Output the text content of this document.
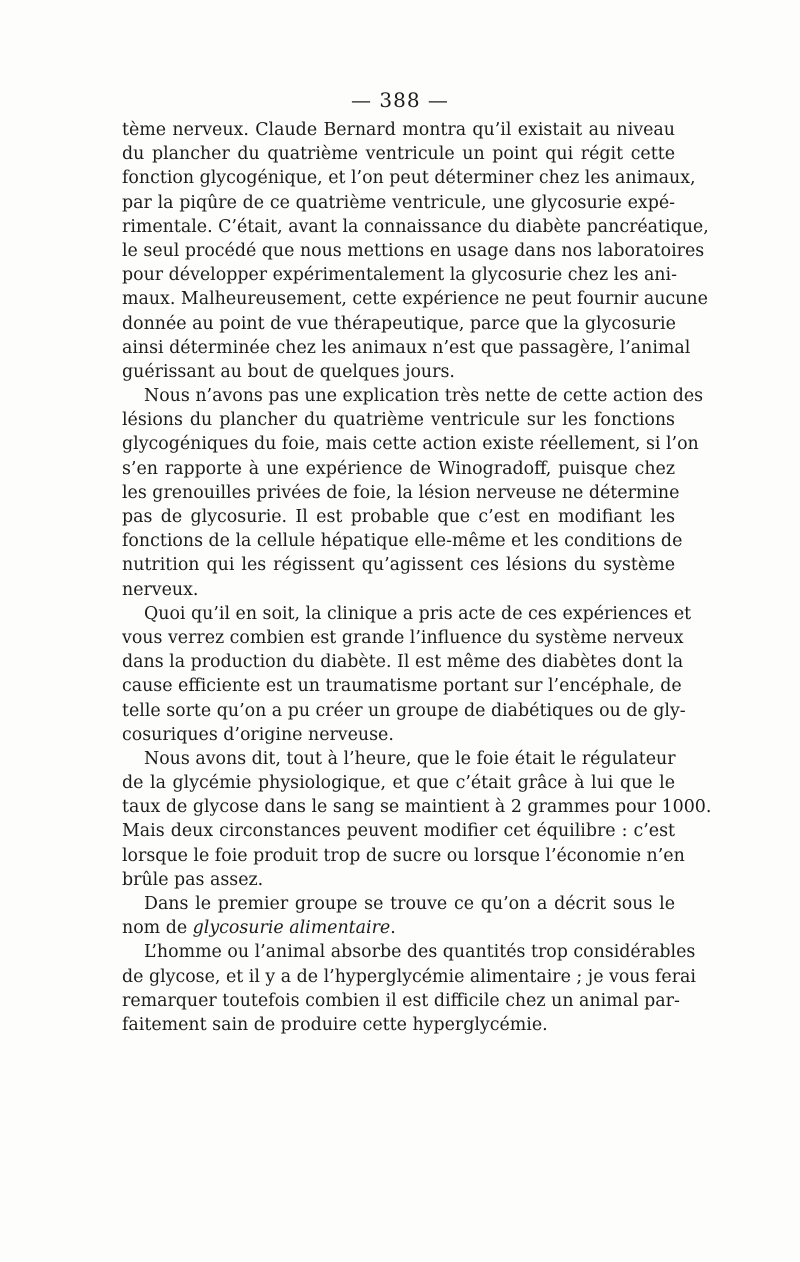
— 388 —
tème nerveux. Claude Bernard montra qu’il existait au niveau
du plancher du quatrième ventricule un point qui régit cette
fonction glycogénique, et l’on peut déterminer chez les animaux,
par la piqûre de ce quatrième ventricule, une glycosurie expé-
rimentale. C’était, avant la connaissance du diabète pancréatique,
le seul procédé que nous mettions en usage dans nos laboratoires
pour développer expérimentalement la glycosurie chez les ani-
maux. Malheureusement, cette expérience ne peut fournir aucune
donnée au point de vue thérapeutique, parce que la glycosurie
ainsi déterminée chez les animaux n’est que passagère, l’animal
guérissant au bout de quelques jours.
Nous n’avons pas une explication très nette de cette action des
lésions du plancher du quatrième ventricule sur les fonctions
glycogéniques du foie, mais cette action existe réellement, si l’on
s’en rapporte à une expérience de Winogradoff, puisque chez
les grenouilles privées de foie, la lésion nerveuse ne détermine
pas de glycosurie. Il est probable que c’est en modifiant les
fonctions de la cellule hépatique elle-même et les conditions de
nutrition qui les régissent qu’agissent ces lésions du système
nerveux.
Quoi qu’il en soit, la clinique a pris acte de ces expériences et
vous verrez combien est grande l’influence du système nerveux
dans la production du diabète. Il est même des diabètes dont la
cause efficiente est un traumatisme portant sur l’encéphale, de
telle sorte qu’on a pu créer un groupe de diabétiques ou de gly-
cosuriques d’origine nerveuse.
Nous avons dit, tout à l’heure, que le foie était le régulateur
de la glycémie physiologique, et que c’était grâce à lui que le
taux de glycose dans le sang se maintient à 2 grammes pour 1000.
Mais deux circonstances peuvent modifier cet équilibre : c’est
lorsque le foie produit trop de sucre ou lorsque l’économie n’en
brûle pas assez.
Dans le premier groupe se trouve ce qu’on a décrit sous le
nom de glycosurie alimentaire.
L’homme ou l’animal absorbe des quantités trop considérables
de glycose, et il y a de l’hyperglycémie alimentaire ; je vous ferai
remarquer toutefois combien il est difficile chez un animal par-
faitement sain de produire cette hyperglycémie.
